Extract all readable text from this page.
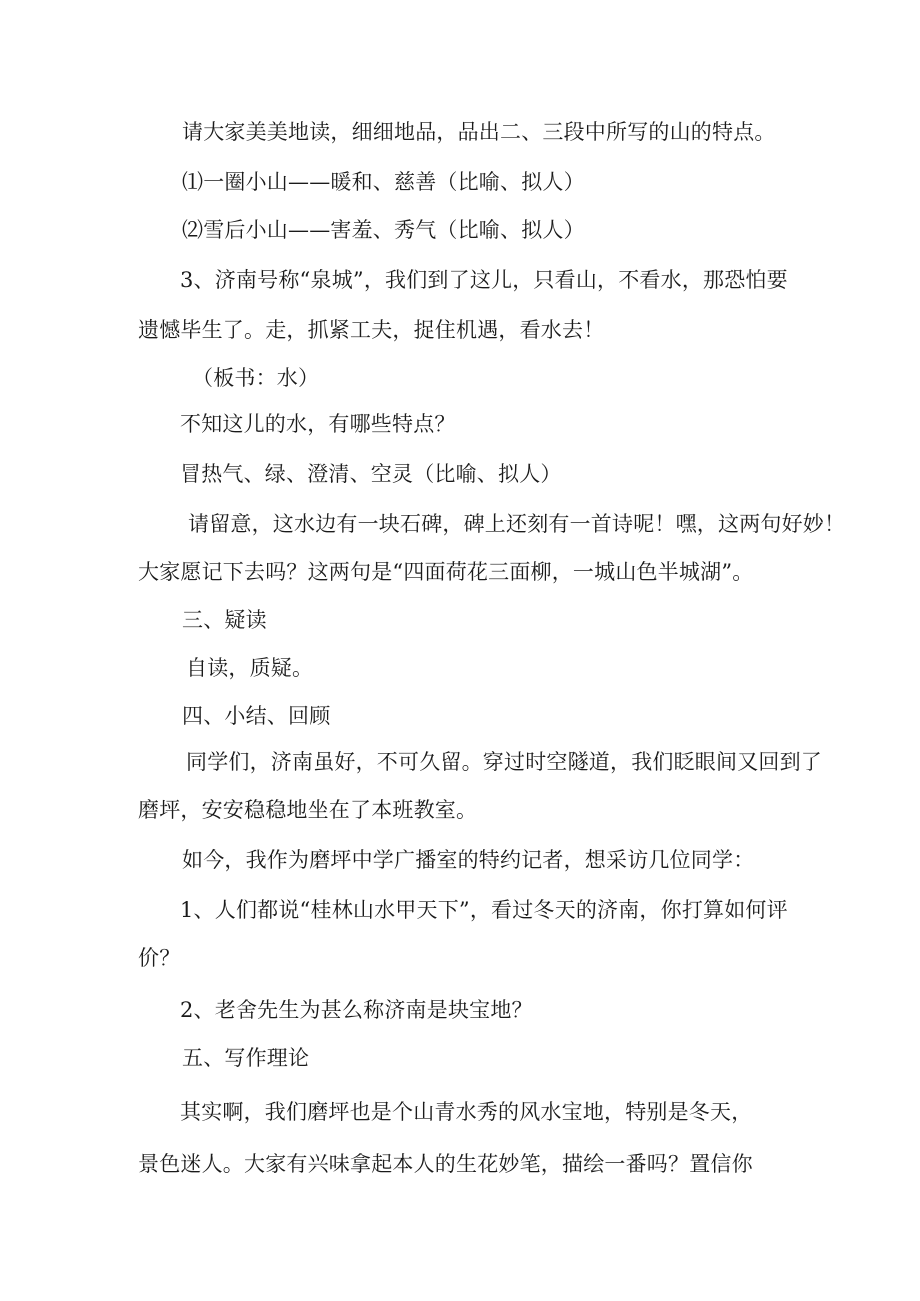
请大家美美地读，细细地品，品出二、三段中所写的山的特点。
⑴一圈小山——暖和、慈善（比喻、拟人）
⑵雪后小山——害羞、秀气（比喻、拟人）
3、济南号称“泉城”，我们到了这儿，只看山，不看水，那恐怕要
遗憾毕生了。走，抓紧工夫，捉住机遇，看水去！
（板书：水）
不知这儿的水，有哪些特点？
冒热气、绿、澄清、空灵（比喻、拟人）
请留意，这水边有一块石碑，碑上还刻有一首诗呢！嘿，这两句好妙！
大家愿记下去吗？这两句是“四面荷花三面柳，一城山色半城湖”。
三、疑读
自读，质疑。
四、小结、回顾
同学们，济南虽好，不可久留。穿过时空隧道，我们眨眼间又回到了
磨坪，安安稳稳地坐在了本班教室。
如今，我作为磨坪中学广播室的特约记者，想采访几位同学：
1、人们都说“桂林山水甲天下”，看过冬天的济南，你打算如何评
价？
2、老舍先生为甚么称济南是块宝地？
五、写作理论
其实啊，我们磨坪也是个山青水秀的风水宝地，特别是冬天，
景色迷人。大家有兴味拿起本人的生花妙笔，描绘一番吗？置信你
